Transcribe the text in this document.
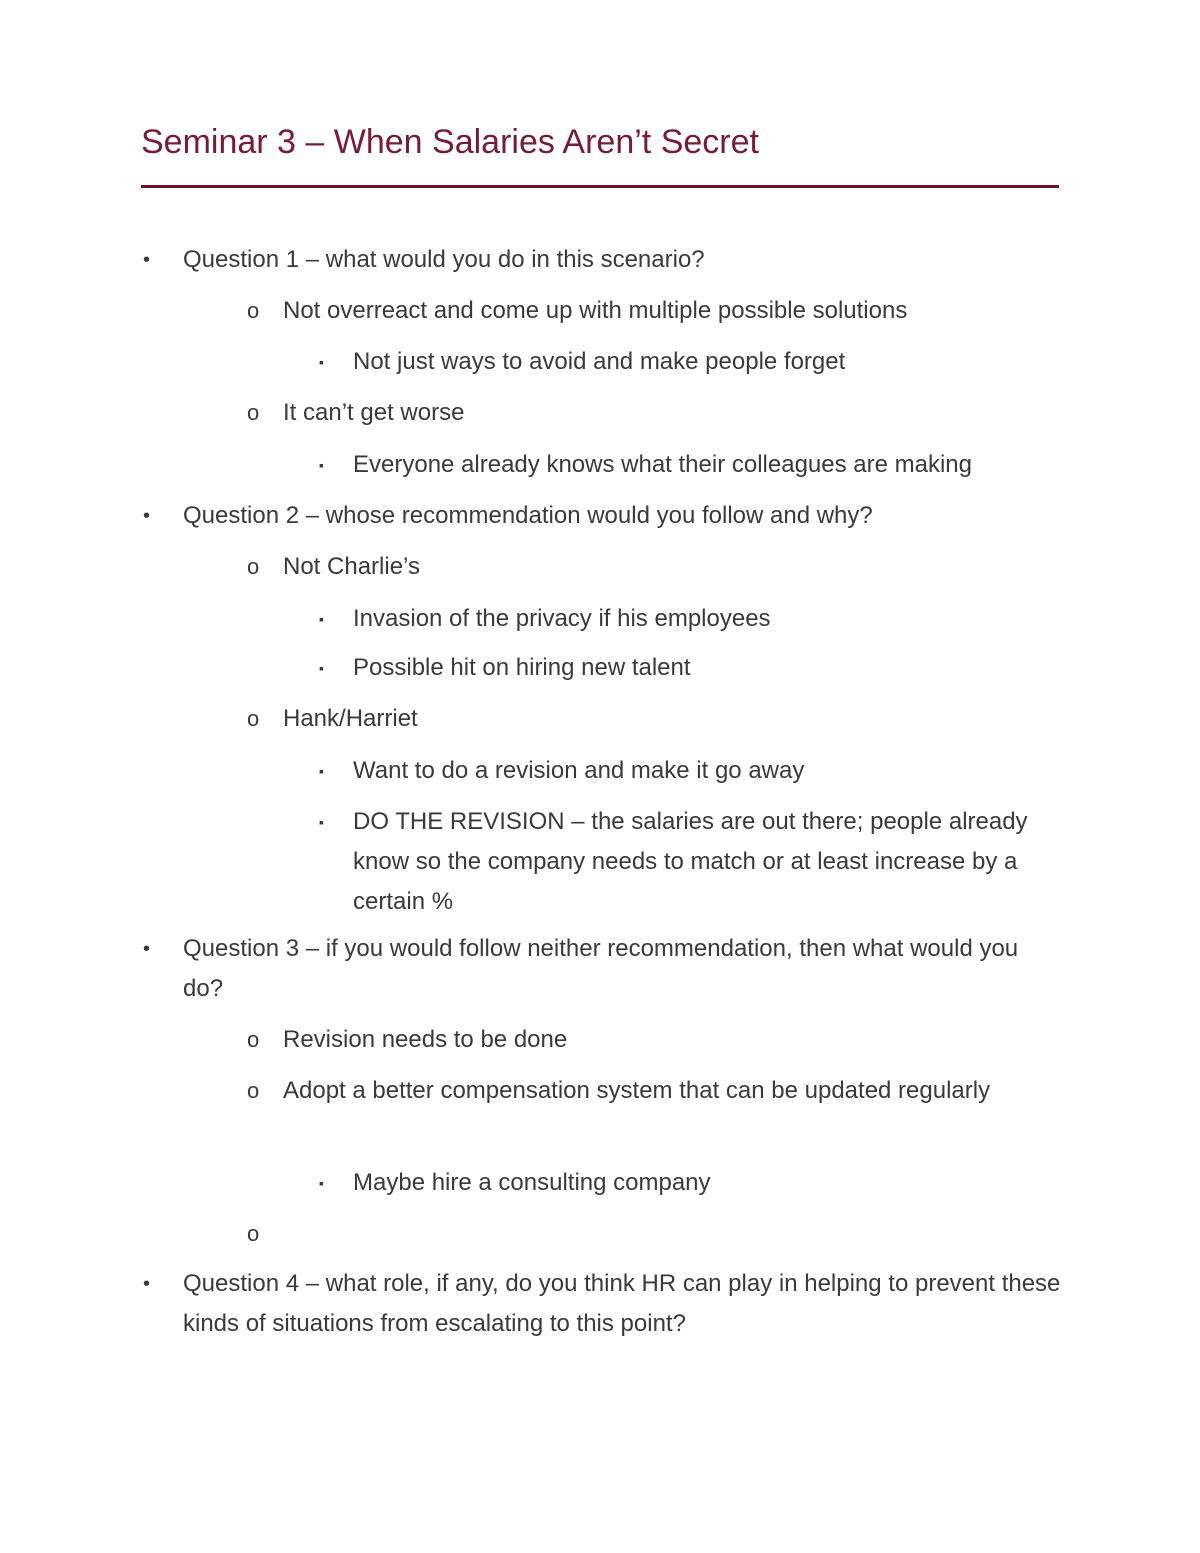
Seminar 3 – When Salaries Aren’t Secret
• Question 1 – what would you do in this scenario?
o Not overreact and come up with multiple possible solutions
▪ Not just ways to avoid and make people forget
o It can’t get worse
▪ Everyone already knows what their colleagues are making
• Question 2 – whose recommendation would you follow and why?
o Not Charlie’s
▪ Invasion of the privacy if his employees
▪ Possible hit on hiring new talent
o Hank/Harriet
▪ Want to do a revision and make it go away
▪ DO THE REVISION – the salaries are out there; people already know so the company needs to match or at least increase by a certain %
• Question 3 – if you would follow neither recommendation, then what would you do?
o Revision needs to be done
o Adopt a better compensation system that can be updated regularly
▪ Maybe hire a consulting company
o
• Question 4 – what role, if any, do you think HR can play in helping to prevent these kinds of situations from escalating to this point?
